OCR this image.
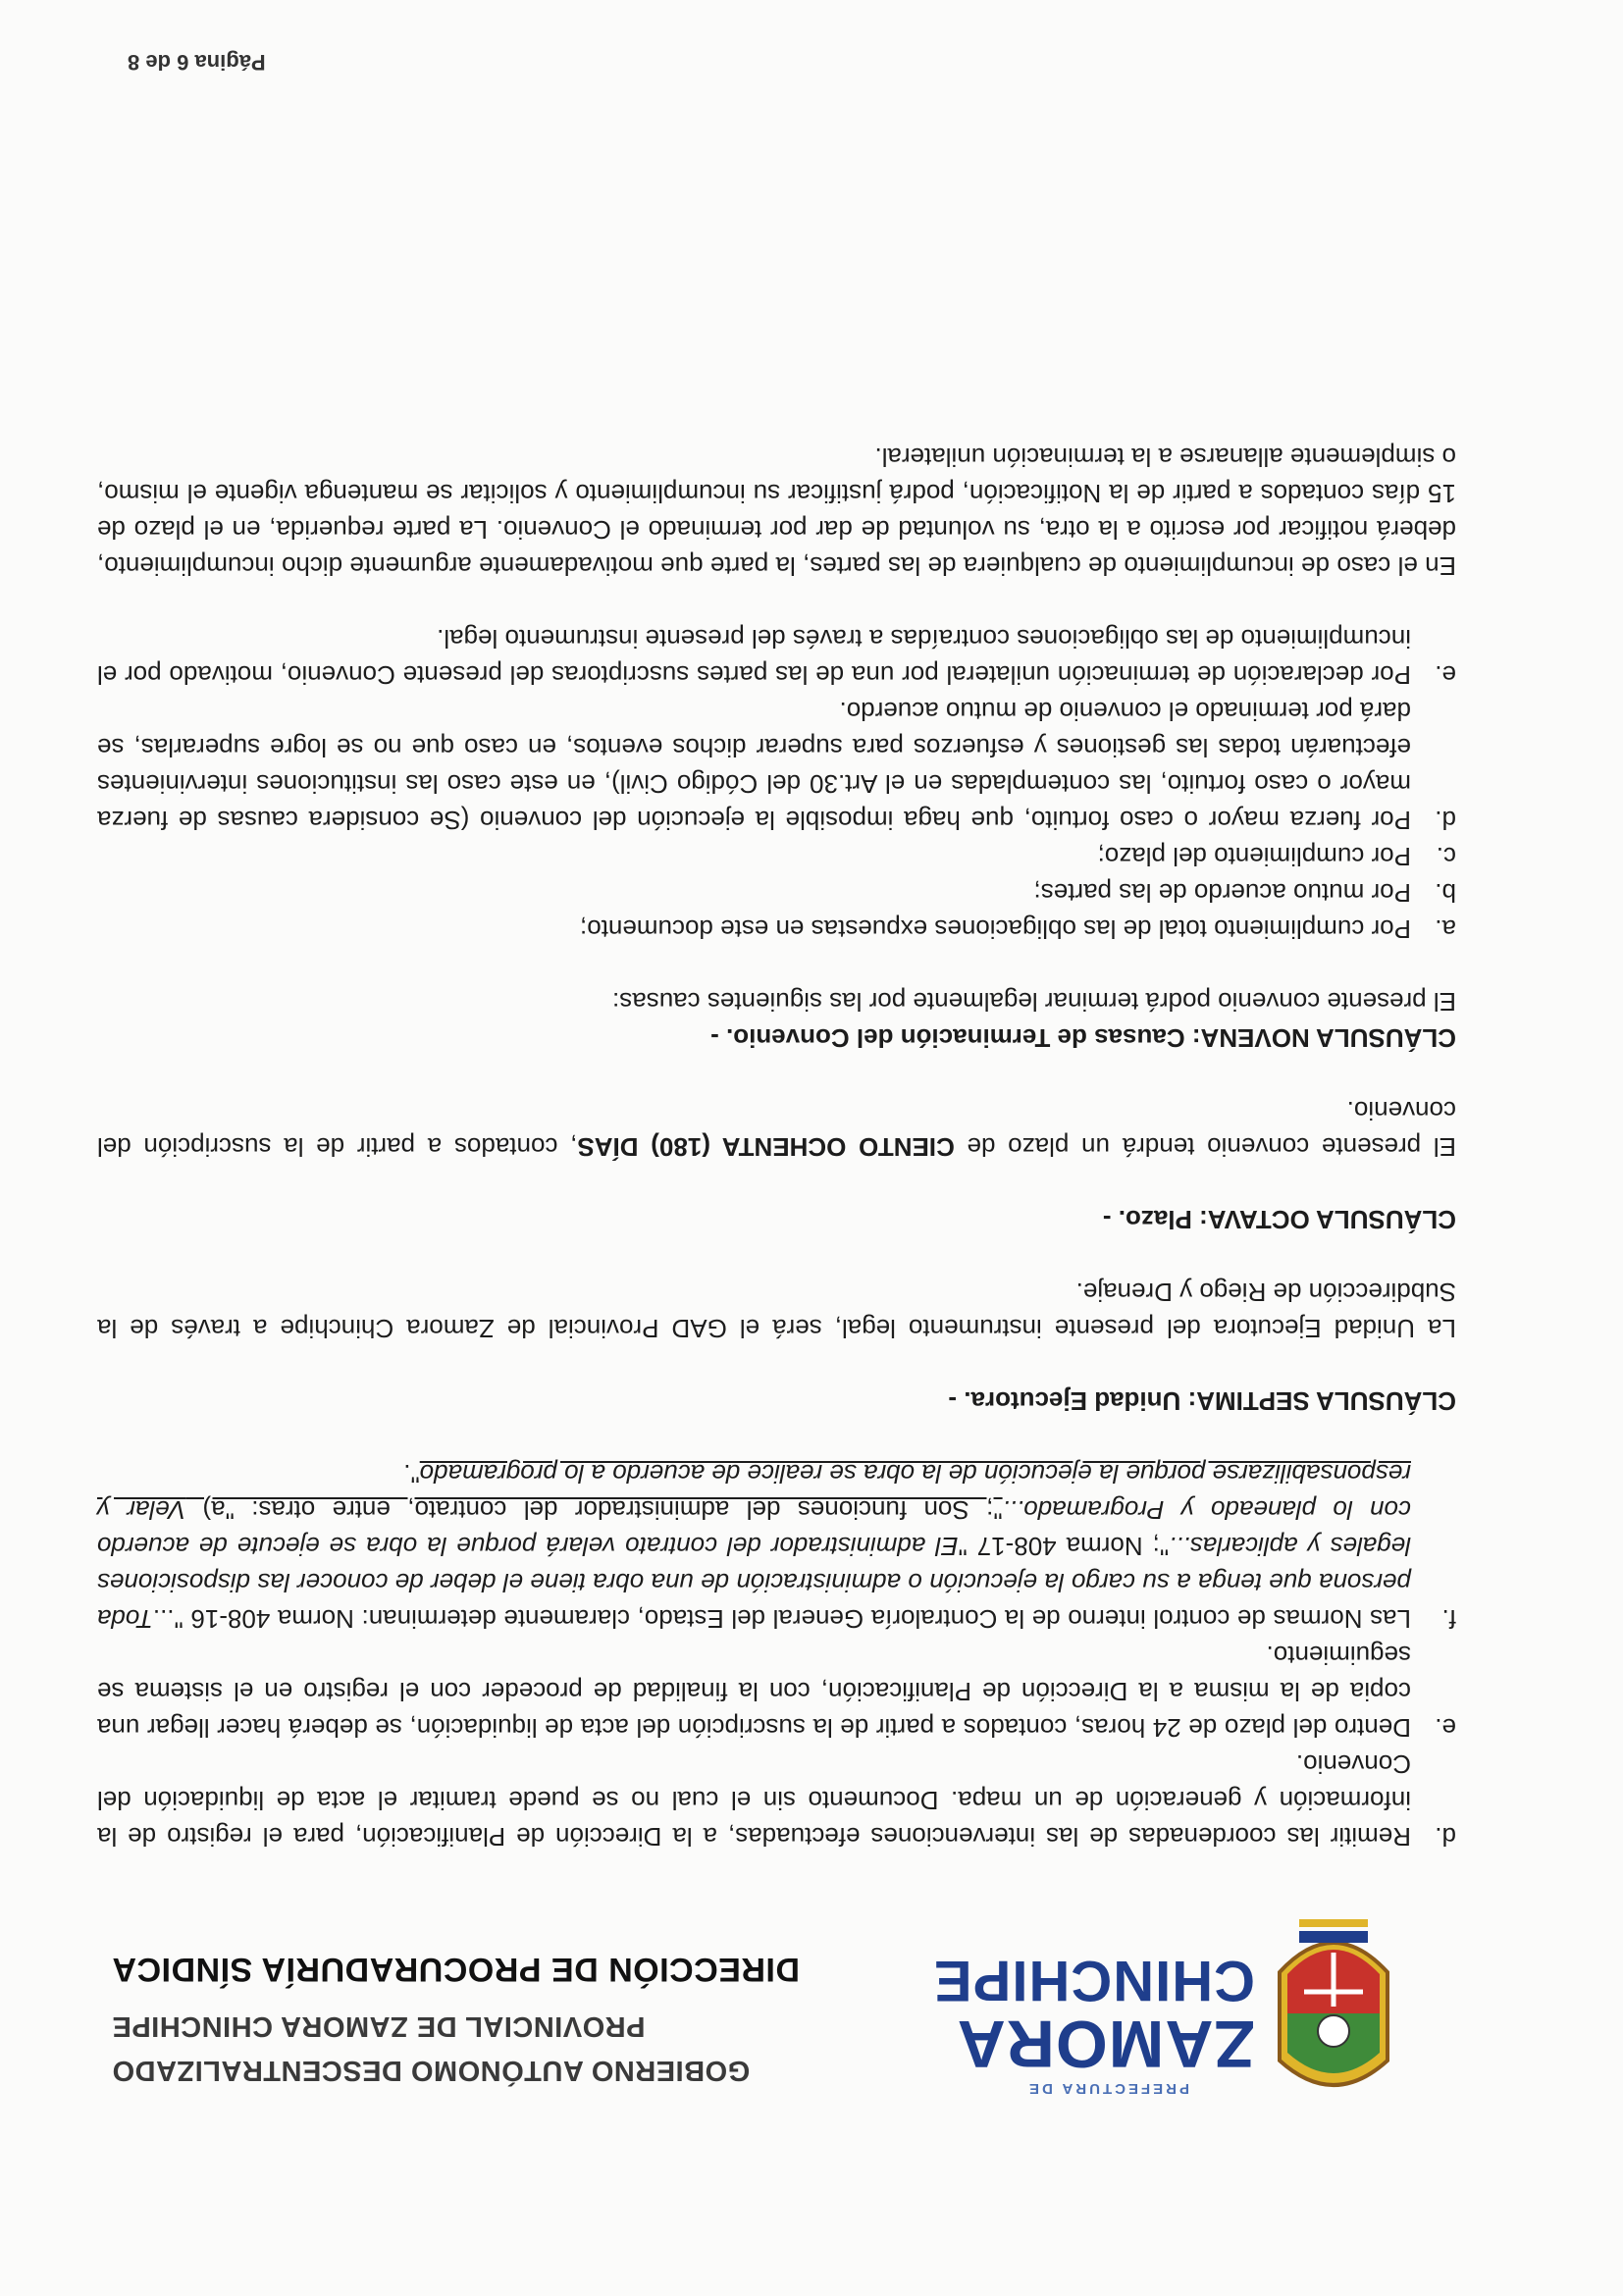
PREFECTURA DE
ZAMORA
CHINCHIPE
GOBIERNO AUTÓNOMO DESCENTRALIZADO
PROVINCIAL DE ZAMORA CHINCHIPE
DIRECCIÓN DE PROCURADURÍA SÍNDICA
d.
Remitir las coordenadas de las intervenciones efectuadas, a la Dirección de Planificación, para el registro de la información y generación de un mapa. Documento sin el cual no se puede tramitar el acta de liquidación del Convenio.
e.
Dentro del plazo de 24 horas, contados a partir de la suscripción del acta de liquidación, se deberá hacer llegar una copia de la misma a la Dirección de Planificación, con la finalidad de proceder con el registro en el sistema se seguimiento.
f.
Las Normas de control interno de la Contraloría General del Estado, claramente determinan: Norma 408-16 "...Toda persona que tenga a su cargo la ejecución o administración de una obra tiene el deber de conocer las disposiciones legales y aplicarlas..."; Norma 408-17 "El administrador del contrato velará porque la obra se ejecute de acuerdo con lo planeado y Programado..."; Son funciones del administrador del contrato, entre otras: "a) Velar y responsabilizarse porque la ejecución de la obra se realice de acuerdo a lo programado".

CLÁUSULA SEPTIMA: Unidad Ejecutora. -

La Unidad Ejecutora del presente instrumento legal, será el GAD Provincial de Zamora Chinchipe a través de la Subdirección de Riego y Drenaje.

CLÁUSULA OCTAVA: Plazo. -

El presente convenio tendrá un plazo de CIENTO OCHENTA (180) DÍAS, contados a partir de la suscripción del convenio.

CLÁUSULA NOVENA: Causas de Terminación del Convenio. -

El presente convenio podrá terminar legalmente por las siguientes causas:

a.
Por cumplimiento total de las obligaciones expuestas en este documento;
b.
Por mutuo acuerdo de las partes;
c.
Por cumplimiento del plazo;
d.
Por fuerza mayor o caso fortuito, que haga imposible la ejecución del convenio (Se considera causas de fuerza mayor o caso fortuito, las contempladas en el Art.30 del Código Civil), en este caso las instituciones intervinientes efectuarán todas las gestiones y esfuerzos para superar dichos eventos, en caso que no se logre superarlas, se dará por terminado el convenio de mutuo acuerdo.
e.
Por declaración de terminación unilateral por una de las partes suscriptoras del presente Convenio, motivado por el incumplimiento de las obligaciones contraídas a través del presente instrumento legal.

En el caso de incumplimiento de cualquiera de las partes, la parte que motivadamente argumente dicho incumplimiento, deberá notificar por escrito a la otra, su voluntad de dar por terminado el Convenio. La parte requerida, en el plazo de 15 días contados a partir de la Notificación, podrá justificar su incumplimiento y solicitar se mantenga vigente el mismo, o simplemente allanarse a la terminación unilateral.

Página 6 de 8
